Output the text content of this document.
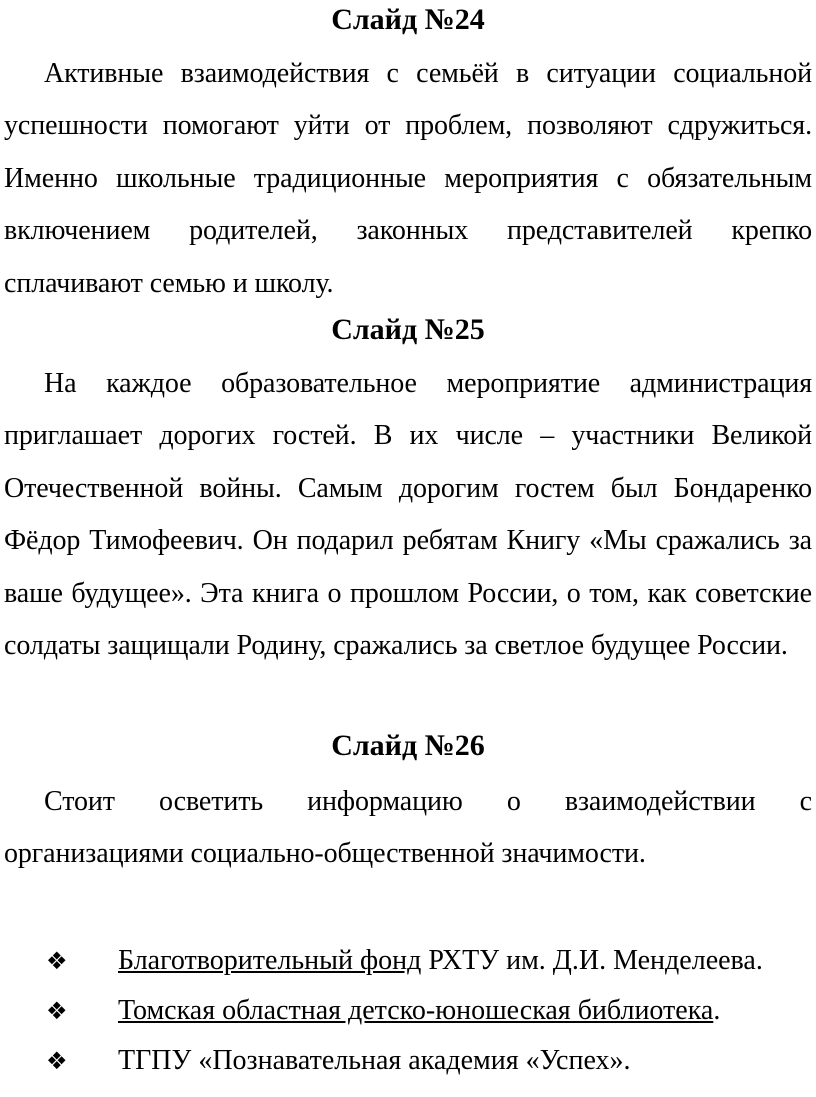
Слайд №24

Активные взаимодействия с семьёй в ситуации социальной успешности помогают уйти от проблем, позволяют сдружиться. Именно школьные традиционные мероприятия с обязательным включением родителей, законных представителей крепко сплачивают семью и школу.

Слайд №25

На каждое образовательное мероприятие администрация приглашает дорогих гостей. В их числе – участники Великой Отечественной войны. Самым дорогим гостем был Бондаренко Фёдор Тимофеевич. Он подарил ребятам Книгу «Мы сражались за ваше будущее». Эта книга о прошлом России, о том, как советские солдаты защищали Родину, сражались за светлое будущее России.

Слайд №26

Стоит осветить информацию о взаимодействии с организациями социально-общественной значимости.

❖ Благотворительный фонд РХТУ им. Д.И. Менделеева.
❖ Томская областная детско-юношеская библиотека.
❖ ТГПУ «Познавательная академия «Успех».
